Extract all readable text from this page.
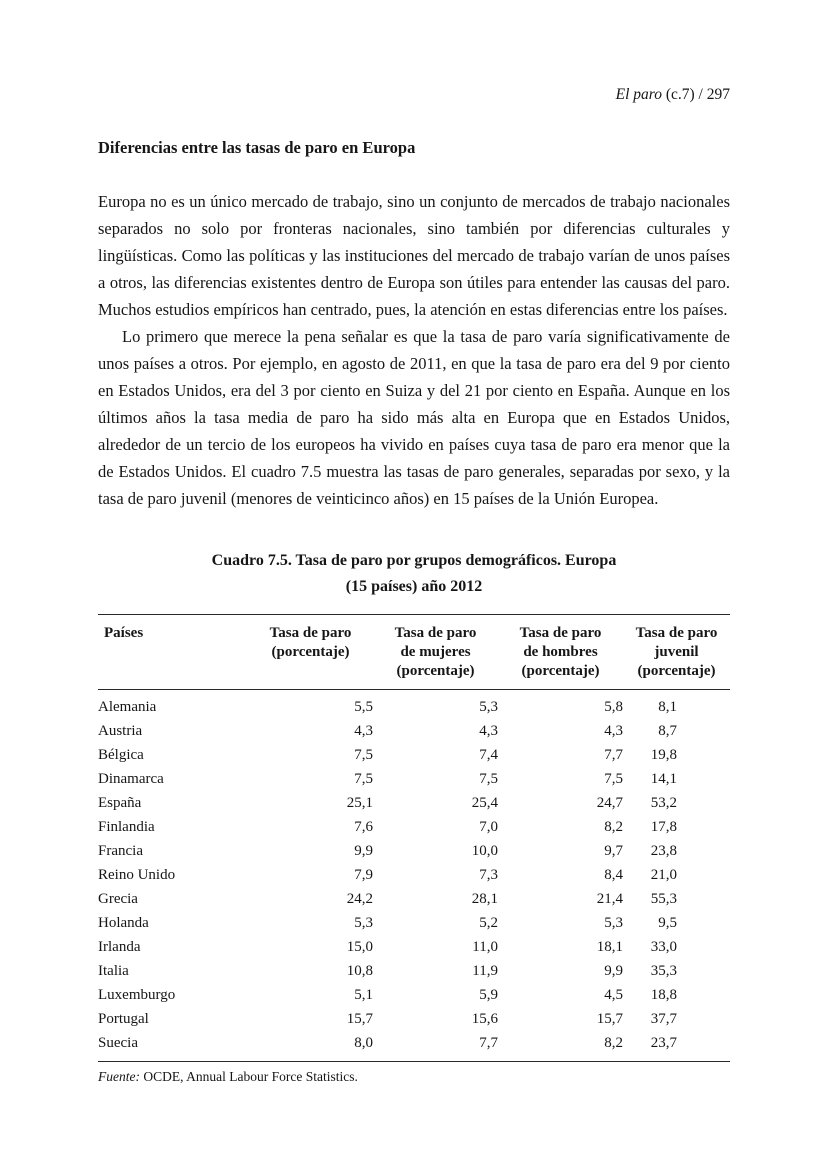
El paro (c.7) / 297
Diferencias entre las tasas de paro en Europa

Europa no es un único mercado de trabajo, sino un conjunto de mercados de trabajo nacionales separados no solo por fronteras nacionales, sino también por diferencias culturales y lingüísticas. Como las políticas y las instituciones del mercado de trabajo varían de unos países a otros, las diferencias existentes dentro de Europa son útiles para entender las causas del paro. Muchos estudios empíricos han centrado, pues, la atención en estas diferencias entre los países.

Lo primero que merece la pena señalar es que la tasa de paro varía significativamente de unos países a otros. Por ejemplo, en agosto de 2011, en que la tasa de paro era del 9 por ciento en Estados Unidos, era del 3 por ciento en Suiza y del 21 por ciento en España. Aunque en los últimos años la tasa media de paro ha sido más alta en Europa que en Estados Unidos, alrededor de un tercio de los europeos ha vivido en países cuya tasa de paro era menor que la de Estados Unidos. El cuadro 7.5 muestra las tasas de paro generales, separadas por sexo, y la tasa de paro juvenil (menores de veinticinco años) en 15 países de la Unión Europea.

Cuadro 7.5. Tasa de paro por grupos demográficos. Europa
(15 países) año 2012
Países	Tasa de paro (porcentaje)	Tasa de paro de mujeres (porcentaje)	Tasa de paro de hombres (porcentaje)	Tasa de paro juvenil (porcentaje)
Alemania	5,5	5,3	5,8	8,1
Austria	4,3	4,3	4,3	8,7
Bélgica	7,5	7,4	7,7	19,8
Dinamarca	7,5	7,5	7,5	14,1
España	25,1	25,4	24,7	53,2
Finlandia	7,6	7,0	8,2	17,8
Francia	9,9	10,0	9,7	23,8
Reino Unido	7,9	7,3	8,4	21,0
Grecia	24,2	28,1	21,4	55,3
Holanda	5,3	5,2	5,3	9,5
Irlanda	15,0	11,0	18,1	33,0
Italia	10,8	11,9	9,9	35,3
Luxemburgo	5,1	5,9	4,5	18,8
Portugal	15,7	15,6	15,7	37,7
Suecia	8,0	7,7	8,2	23,7
Fuente: OCDE, Annual Labour Force Statistics.
